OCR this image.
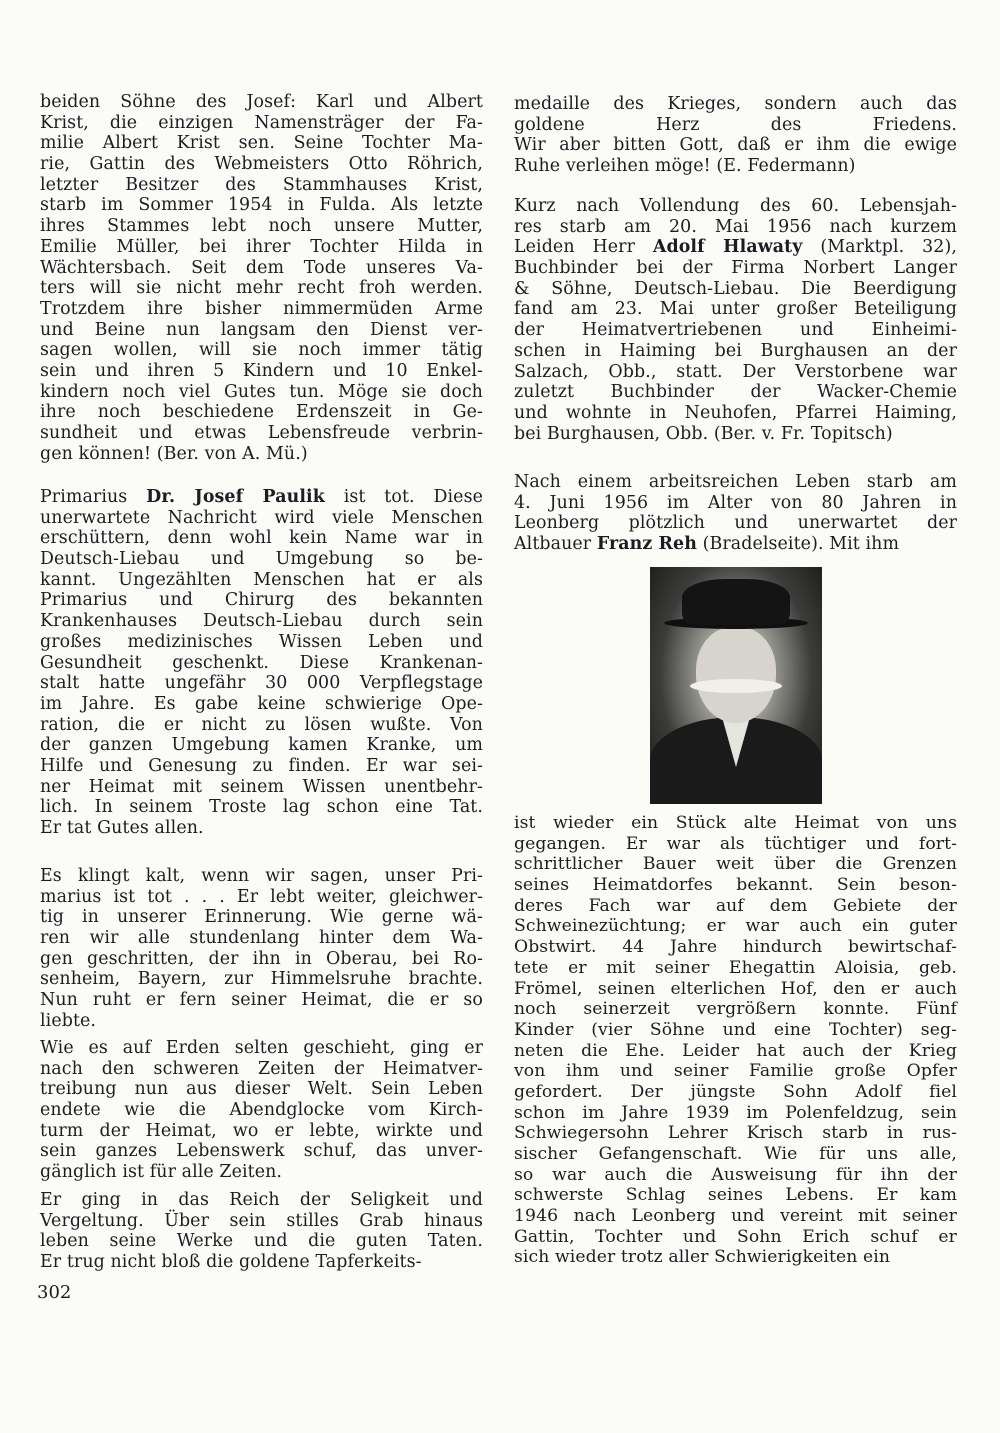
beiden Söhne des Josef: Karl und Albert
Krist, die einzigen Namensträger der Fa-
milie Albert Krist sen. Seine Tochter Ma-
rie, Gattin des Webmeisters Otto Röhrich,
letzter Besitzer des Stammhauses Krist,
starb im Sommer 1954 in Fulda. Als letzte
ihres Stammes lebt noch unsere Mutter,
Emilie Müller, bei ihrer Tochter Hilda in
Wächtersbach. Seit dem Tode unseres Va-
ters will sie nicht mehr recht froh werden.
Trotzdem ihre bisher nimmermüden Arme
und Beine nun langsam den Dienst ver-
sagen wollen, will sie noch immer tätig
sein und ihren 5 Kindern und 10 Enkel-
kindern noch viel Gutes tun. Möge sie doch
ihre noch beschiedene Erdenszeit in Ge-
sundheit und etwas Lebensfreude verbrin-
gen können! (Ber. von A. Mü.)
Primarius Dr. Josef Paulik ist tot. Diese
unerwartete Nachricht wird viele Menschen
erschüttern, denn wohl kein Name war in
Deutsch-Liebau und Umgebung so be-
kannt. Ungezählten Menschen hat er als
Primarius und Chirurg des bekannten
Krankenhauses Deutsch-Liebau durch sein
großes medizinisches Wissen Leben und
Gesundheit geschenkt. Diese Krankenan-
stalt hatte ungefähr 30 000 Verpflegstage
im Jahre. Es gabe keine schwierige Ope-
ration, die er nicht zu lösen wußte. Von
der ganzen Umgebung kamen Kranke, um
Hilfe und Genesung zu finden. Er war sei-
ner Heimat mit seinem Wissen unentbehr-
lich. In seinem Troste lag schon eine Tat.
Er tat Gutes allen.
Es klingt kalt, wenn wir sagen, unser Pri-
marius ist tot . . . Er lebt weiter, gleichwer-
tig in unserer Erinnerung. Wie gerne wä-
ren wir alle stundenlang hinter dem Wa-
gen geschritten, der ihn in Oberau, bei Ro-
senheim, Bayern, zur Himmelsruhe brachte.
Nun ruht er fern seiner Heimat, die er so
liebte.
Wie es auf Erden selten geschieht, ging er
nach den schweren Zeiten der Heimatver-
treibung nun aus dieser Welt. Sein Leben
endete wie die Abendglocke vom Kirch-
turm der Heimat, wo er lebte, wirkte und
sein ganzes Lebenswerk schuf, das unver-
gänglich ist für alle Zeiten.
Er ging in das Reich der Seligkeit und
Vergeltung. Über sein stilles Grab hinaus
leben seine Werke und die guten Taten.
Er trug nicht bloß die goldene Tapferkeits-
medaille des Krieges, sondern auch das
goldene Herz des Friedens.
Wir aber bitten Gott, daß er ihm die ewige
Ruhe verleihen möge! (E. Federmann)
Kurz nach Vollendung des 60. Lebensjah-
res starb am 20. Mai 1956 nach kurzem
Leiden Herr Adolf Hlawaty (Marktpl. 32),
Buchbinder bei der Firma Norbert Langer
& Söhne, Deutsch-Liebau. Die Beerdigung
fand am 23. Mai unter großer Beteiligung
der Heimatvertriebenen und Einheimi-
schen in Haiming bei Burghausen an der
Salzach, Obb., statt. Der Verstorbene war
zuletzt Buchbinder der Wacker-Chemie
und wohnte in Neuhofen, Pfarrei Haiming,
bei Burghausen, Obb. (Ber. v. Fr. Topitsch)
Nach einem arbeitsreichen Leben starb am
4. Juni 1956 im Alter von 80 Jahren in
Leonberg plötzlich und unerwartet der
Altbauer Franz Reh (Bradelseite). Mit ihm
ist wieder ein Stück alte Heimat von uns
gegangen. Er war als tüchtiger und fort-
schrittlicher Bauer weit über die Grenzen
seines Heimatdorfes bekannt. Sein beson-
deres Fach war auf dem Gebiete der
Schweinezüchtung; er war auch ein guter
Obstwirt. 44 Jahre hindurch bewirtschaf-
tete er mit seiner Ehegattin Aloisia, geb.
Frömel, seinen elterlichen Hof, den er auch
noch seinerzeit vergrößern konnte. Fünf
Kinder (vier Söhne und eine Tochter) seg-
neten die Ehe. Leider hat auch der Krieg
von ihm und seiner Familie große Opfer
gefordert. Der jüngste Sohn Adolf fiel
schon im Jahre 1939 im Polenfeldzug, sein
Schwiegersohn Lehrer Krisch starb in rus-
sischer Gefangenschaft. Wie für uns alle,
so war auch die Ausweisung für ihn der
schwerste Schlag seines Lebens. Er kam
1946 nach Leonberg und vereint mit seiner
Gattin, Tochter und Sohn Erich schuf er
sich wieder trotz aller Schwierigkeiten ein
302
